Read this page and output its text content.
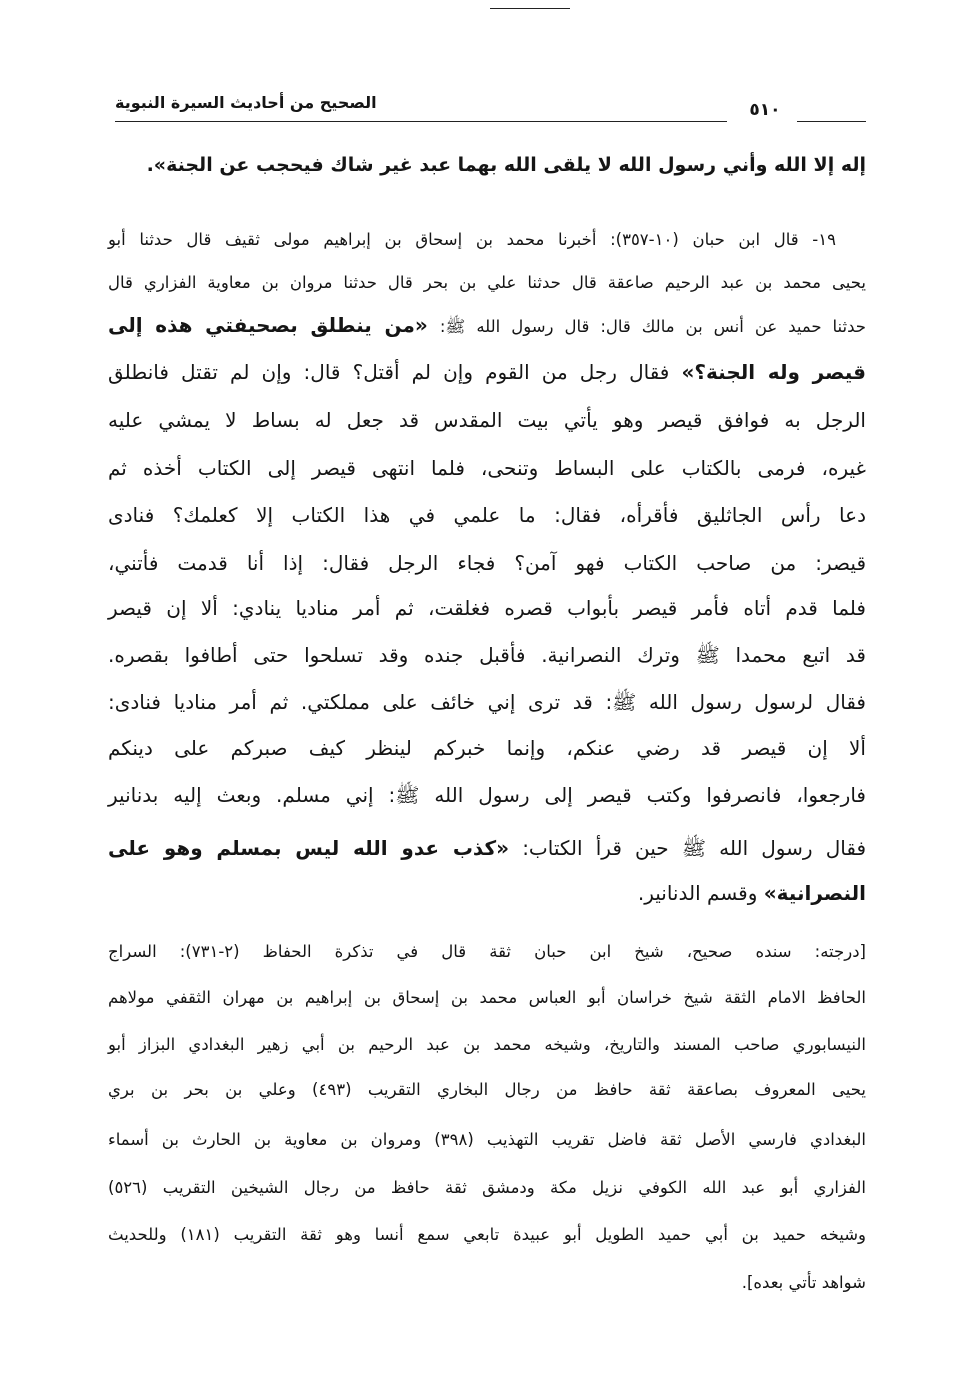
الصحيح من أحاديث السيرة النبوية	٥١٠
إله إلا الله وأني رسول الله لا يلقى الله بهما عبد غير شاك فيحجب عن الجنة».
١٩- قال ابن حبان (١٠-٣٥٧): أخبرنا محمد بن إسحاق بن إبراهيم مولى ثقيف قال حدثنا أبو
يحيى محمد بن عبد الرحيم صاعقة قال حدثنا علي بن بحر قال حدثنا مروان بن معاوية الفزاري قال
حدثنا حميد عن أنس بن مالك قال: قال رسول الله ﷺ: «من ينطلق بصحيفتي هذه إلى
قيصر وله الجنة؟» فقال رجل من القوم وإن لم أقتل؟ قال: وإن لم تقتل فانطلق
الرجل به فوافق قيصر وهو يأتي بيت المقدس قد جعل له بساط لا يمشي عليه
غيره، فرمى بالكتاب على البساط وتنحى، فلما انتهى قيصر إلى الكتاب أخذه ثم
دعا رأس الجاثليق فأقرأه، فقال: ما علمي في هذا الكتاب إلا كعلمك؟ فنادى
قيصر: من صاحب الكتاب فهو آمن؟ فجاء الرجل فقال: إذا أنا قدمت فأتني،
فلما قدم أتاه فأمر قيصر بأبواب قصره فغلقت، ثم أمر مناديا ينادي: ألا إن قيصر
قد اتبع محمدا ﷺ وترك النصرانية. فأقبل جنده وقد تسلحوا حتى أطافوا بقصره.
فقال لرسول رسول الله ﷺ: قد ترى إني خائف على مملكتي. ثم أمر مناديا فنادى:
ألا إن قيصر قد رضي عنكم، وإنما خبركم لينظر كيف صبركم على دينكم
فارجعوا، فانصرفوا وكتب قيصر إلى رسول الله ﷺ: إني مسلم. وبعث إليه بدنانير
فقال رسول الله ﷺ حين قرأ الكتاب: «كذب عدو الله ليس بمسلم وهو على
النصرانية» وقسم الدنانير.
[درجته: سنده صحيح، شيخ ابن حبان ثقة قال في تذكرة الحفاظ (٢-٧٣١): السراج
الحافظ الامام الثقة شيخ خراسان أبو العباس محمد بن إسحاق بن إبراهيم بن مهران الثقفي مولاهم
النيسابوري صاحب المسند والتاريخ، وشيخه محمد بن عبد الرحيم بن أبي زهير البغدادي البزاز أبو
يحيى المعروف بصاعقة ثقة حافظ من رجال البخاري التقريب (٤٩٣) وعلي بن بحر بن بري
البغدادي فارسي الأصل ثقة فاضل تقريب التهذيب (٣٩٨) ومروان بن معاوية بن الحارث بن أسماء
الفزاري أبو عبد الله الكوفي نزيل مكة ودمشق ثقة حافظ من رجال الشيخين التقريب (٥٢٦)
وشيخه حميد بن أبي حميد الطويل أبو عبيدة تابعي سمع أنسا وهو ثقة التقريب (١٨١) وللحديث
شواهد تأتي بعده].
